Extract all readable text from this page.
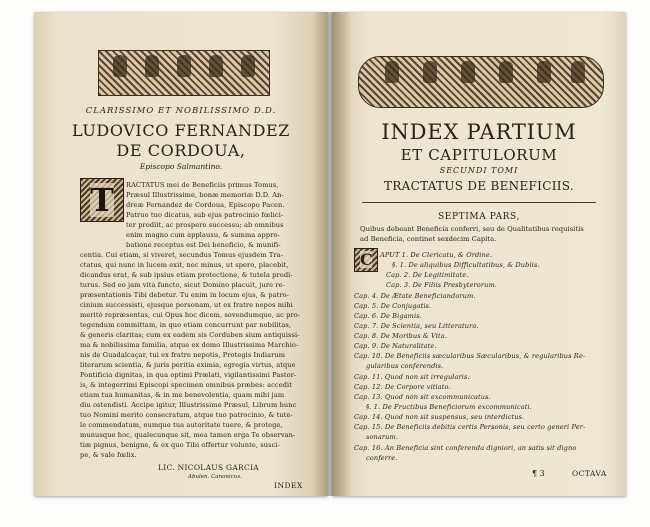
CLARISSIMO ET NOBILISSIMO D.D.
LUDOVICO FERNANDEZ
DE CORDOUA,
Episcopo Salmantino.
T RACTATUS mei de Beneficiis primus Tomus,
Præsul Illustrissime, bonæ memoriæ D.D. An-
dreæ Fernandez de Cordoua, Episcopo Pacen.
Patruo tuo dicatus, sub ejus patrocinio fœlici-
ter prodiit, ac prospero successu; ab omnibus
enim magno cum applausu, & summa appro-
batione receptus est Dei beneficio, & munifi-
centia. Cui etiam, si viveret, secundus Tomus ejusdem Tra-
ctatus, qui nunc in lucem exit, nec minus, ut spero, placebit,
dicandus erat, & sub ipsius etiam protectione, & tutela prodi-
turus. Sed eo jam vita functo, sicut Domino placuit, jure re-
præsentationis Tibi debetur. Tu enim in locum ejus, & patro-
cinium successisti, ejusque personam, ut ex fratre nepos mihi
meritò repræsentas, cui Opus hoc dicem, sovendumque, ac pro-
tegendum committam, in quo etiam concurrunt par nobilitas,
& generis claritas; cum ex eadem sis Corduben sium antiquissi-
ma & nobilissima familia, atque ex domo Illustrissima Marchio-
nis de Guadalcaçar, tui ex fratre nepotis, Protegis Indiarum
literarum scientia, & juris peritia eximia, egregia virtus, atque
Pontificia dignitas, in qua optimi Prælati, vigilantissimi Pastor-
is, & integerrimi Episcopi specimen omnibus præbes: accedit
etiam tua humanitas, & in me benevolentia, quam mihi jam
diu ostendisti. Accipe igitur, Illustrissime Præsul, Librum hunc
tuo Nomini merito consecratum, atque tuo patrocinio, & tute-
le commendatum, eumque tua autoritate tuere, & protege,
munusque hoc, qualecunque sit, mea tamen erga Te observan-
tiæ pignus, benigne, & ex quo Tibi offertur volunte, susci-
pe, & vale fœlix.
LIC. NICOLAUS GARCIA
Abulen. Canonicus.
INDEX
INDEX PARTIUM
ET CAPITULORUM
SECUNDI TOMI
TRACTATUS DE BENEFICIIS.
SEPTIMA PARS,
Quibus debeant Beneficia conferri, seu de Qualitatibus requisitis
ad Beneficia, continet sexdecim Capita.
C APUT 1. De Clericatu, & Ordine.
§. 1. De aliquibus Difficultatibus, & Dubiis.
Cap. 2. De Legitimitate.
Cap. 3. De Filiis Presbyterorum.
Cap. 4. De Ætate Beneficiandorum.
Cap. 5. De Conjugatis.
Cap. 6. De Bigamis.
Cap. 7. De Scientia, seu Litteratura.
Cap. 8. De Moribus & Vita.
Cap. 9. De Naturalitate.
Cap. 10. De Beneficiis sæcularibus Sæcularibus, & regularibus Re-
gularibus conferendis.
Cap. 11. Quod non sit irregularis.
Cap. 12. De Corpore vitiato.
Cap. 13. Quod non sit excommunicatus.
§. 1. De Fructibus Beneficiorum excommunicati.
Cap. 14. Quod non sit suspensus, seu interdictus.
Cap. 15. De Beneficiis debitis certis Personis, seu certo generi Per-
sonarum.
Cap. 16. An Beneficia sint conferenda digniori, an satis sit digno
conferre.
¶ 3	OCTAVA
